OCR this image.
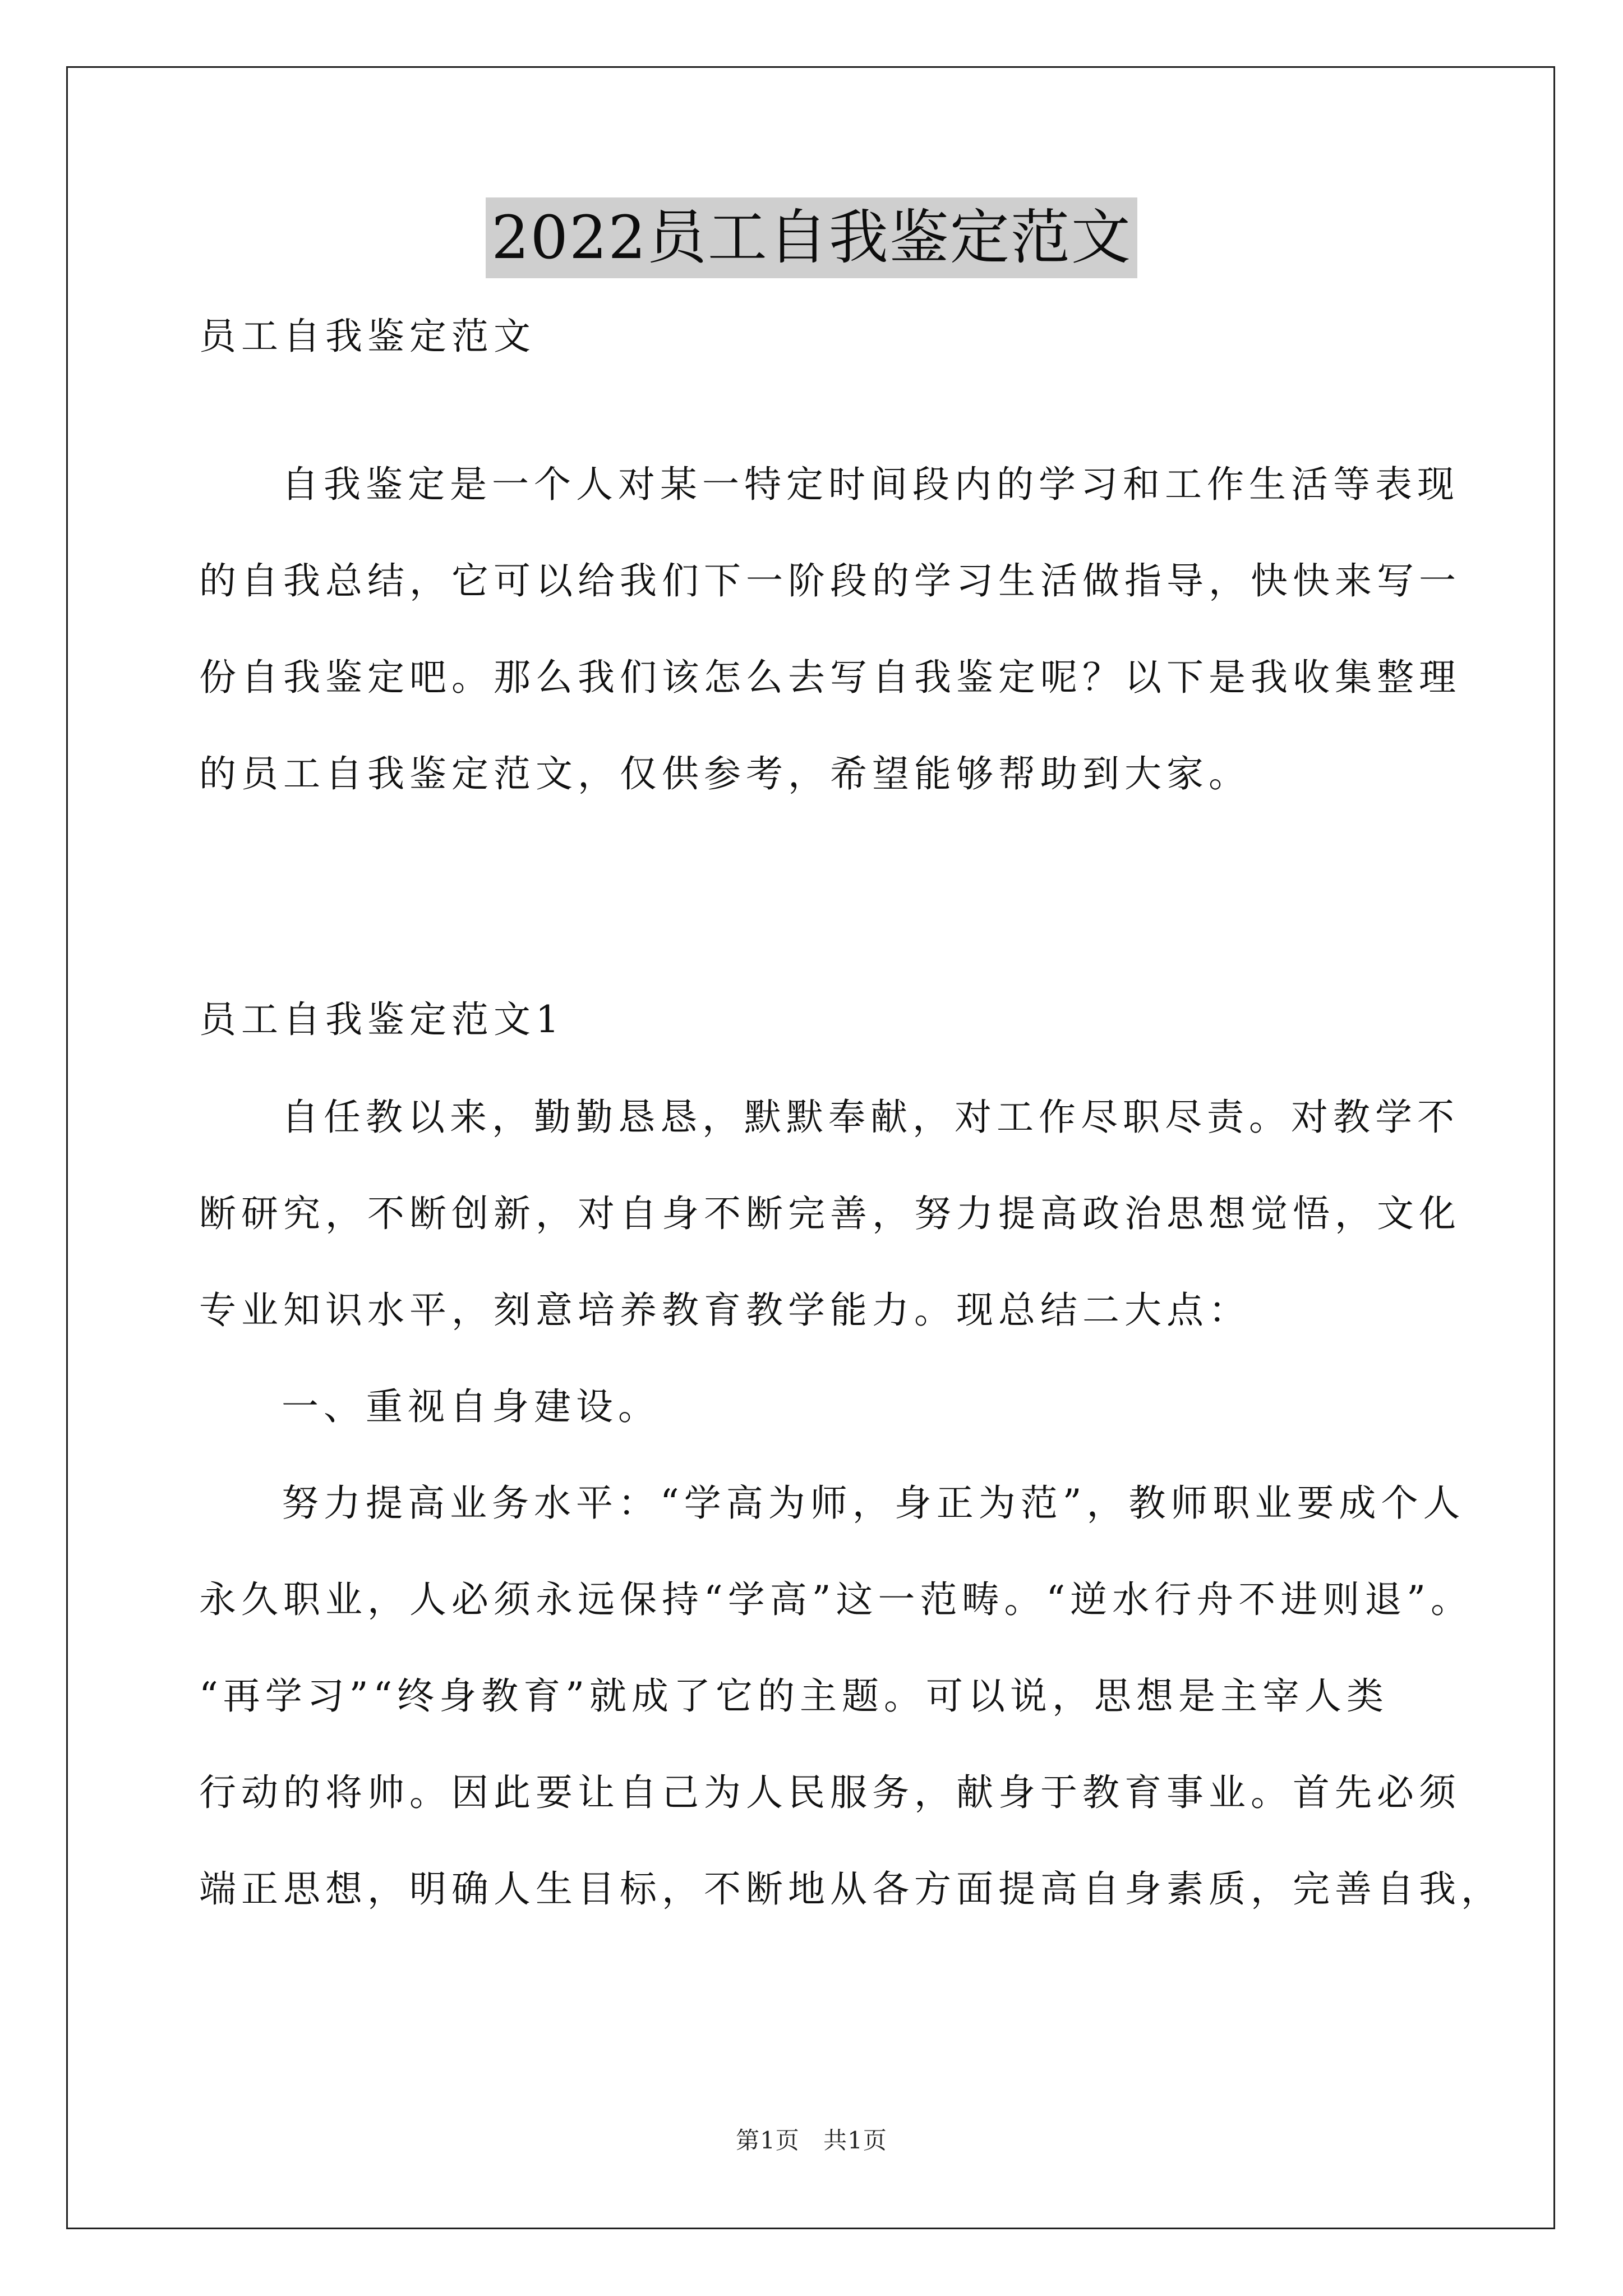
2022员工自我鉴定范文
员工自我鉴定范文
自我鉴定是一个人对某一特定时间段内的学习和工作生活等表现
的自我总结，它可以给我们下一阶段的学习生活做指导，快快来写一
份自我鉴定吧。那么我们该怎么去写自我鉴定呢？以下是我收集整理
的员工自我鉴定范文，仅供参考，希望能够帮助到大家。
员工自我鉴定范文1
自任教以来，勤勤恳恳，默默奉献，对工作尽职尽责。对教学不
断研究，不断创新，对自身不断完善，努力提高政治思想觉悟，文化
专业知识水平，刻意培养教育教学能力。现总结二大点：
一、重视自身建设。
努力提高业务水平：“学高为师，身正为范”，教师职业要成个人
永久职业，人必须永远保持“学高”这一范畴。“逆水行舟不进则退”。
“再学习”“终身教育”就成了它的主题。可以说，思想是主宰人类
行动的将帅。因此要让自己为人民服务，献身于教育事业。首先必须
端正思想，明确人生目标，不断地从各方面提高自身素质，完善自我，
第1页 共1页
